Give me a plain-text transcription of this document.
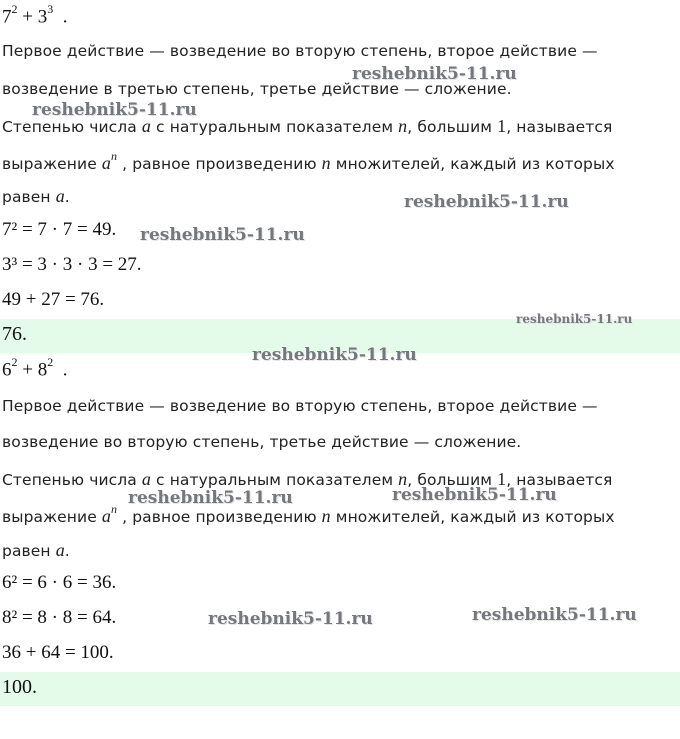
$7^2 + 3^3$ .
Первое действие — возведение во вторую степень, второе действие —
возведение в третью степень, третье действие — сложение.
Степенью числа a с натуральным показателем n, большим 1, называется
выражение $a^n$ , равное произведению n множителей, каждый из которых
равен a.
7² = 7 · 7 = 49.
3³ = 3 · 3 · 3 = 27.
49 + 27 = 76.
76.
$6^2 + 8^2$ .
Первое действие — возведение во вторую степень, второе действие —
возведение во вторую степень, третье действие — сложение.
Степенью числа a с натуральным показателем n, большим 1, называется
выражение $a^n$ , равное произведению n множителей, каждый из которых
равен a.
6² = 6 · 6 = 36.
8² = 8 · 8 = 64.
36 + 64 = 100.
100.
reshebnik5-11.ru
reshebnik5-11.ru
reshebnik5-11.ru
reshebnik5-11.ru
reshebnik5-11.ru
reshebnik5-11.ru
reshebnik5-11.ru	reshebnik5-11.ru
reshebnik5-11.ru	reshebnik5-11.ru
